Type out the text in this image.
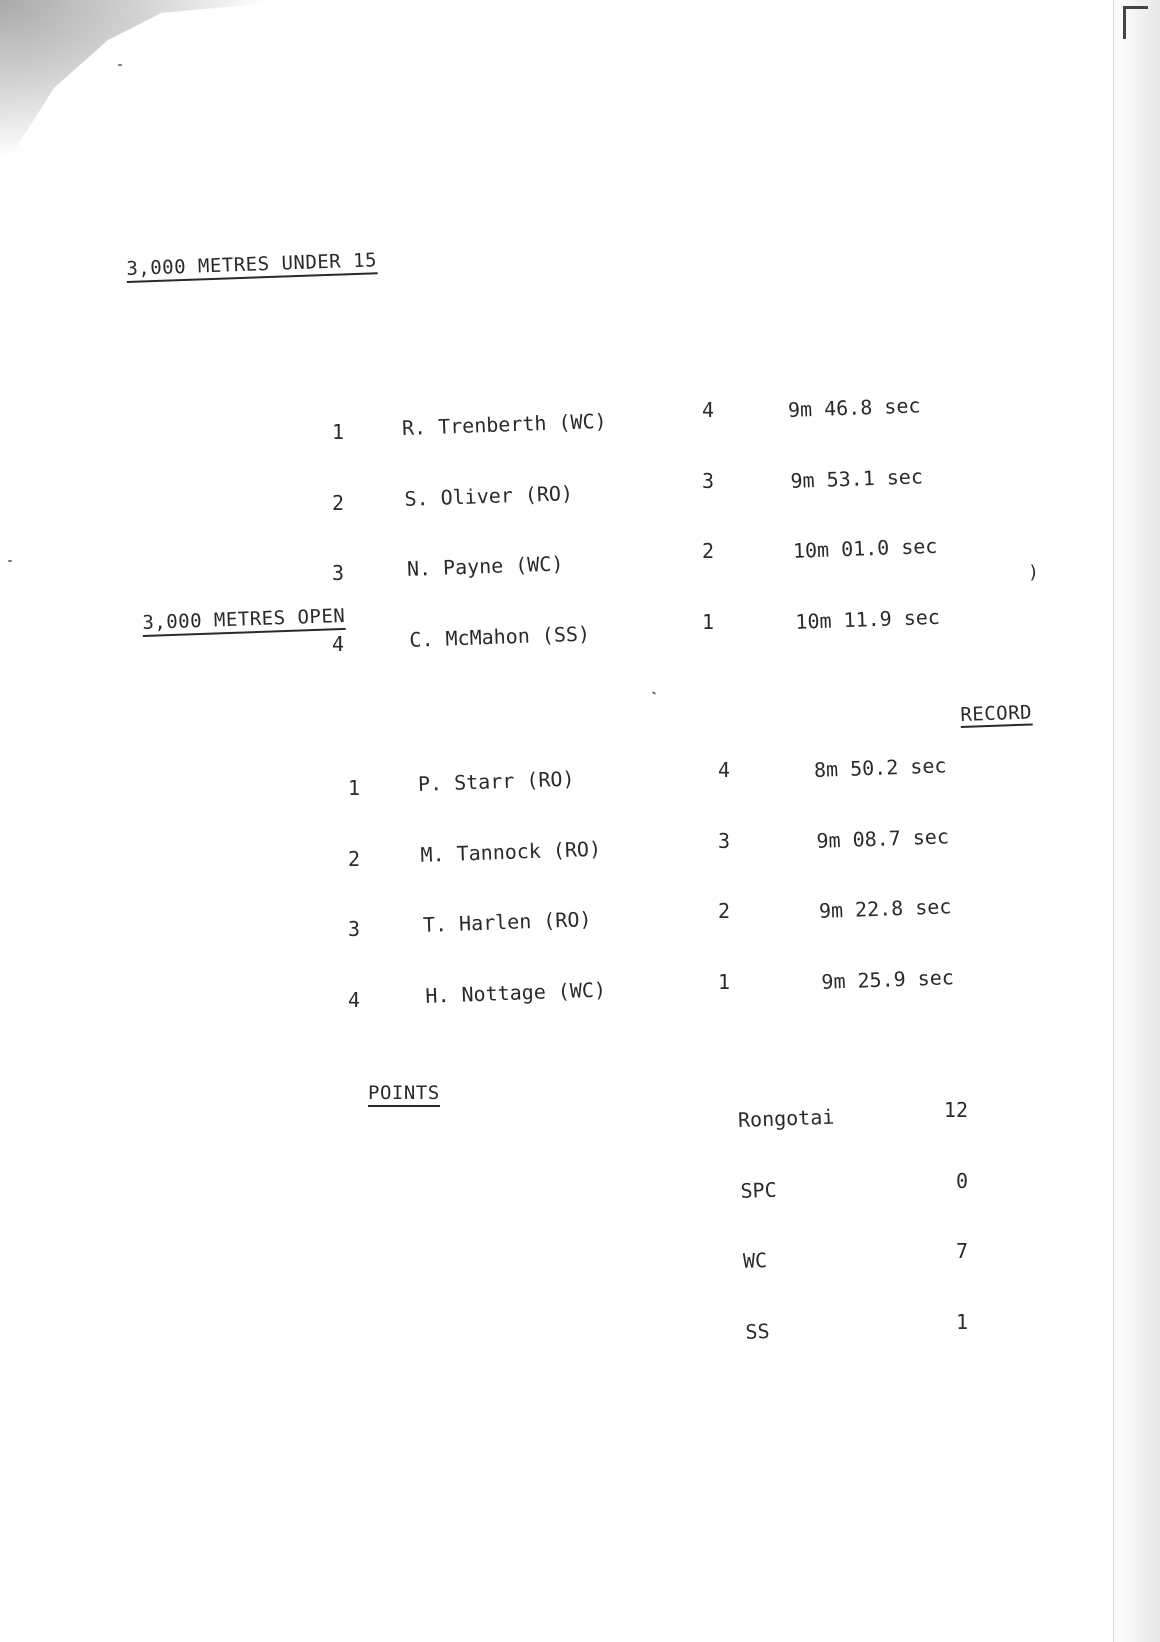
)
3,000 METRES UNDER 15

1

2

3

4

R. Trenberth (WC)

S. Oliver (RO)

N. Payne (WC)

C. McMahon (SS)

4

3

2

1

9m 46.8 sec

9m 53.1 sec

10m 01.0 sec

10m 11.9 sec

3,000 METRES OPEN

1

2

3

4

P. Starr (RO)

M. Tannock (RO)

T. Harlen (RO)

H. Nottage (WC)

4

3

2

1

8m 50.2 sec

9m 08.7 sec

9m 22.8 sec

9m 25.9 sec

RECORD
POINTS

Rongotai

SPC

WC

SS

12

0

7

1
